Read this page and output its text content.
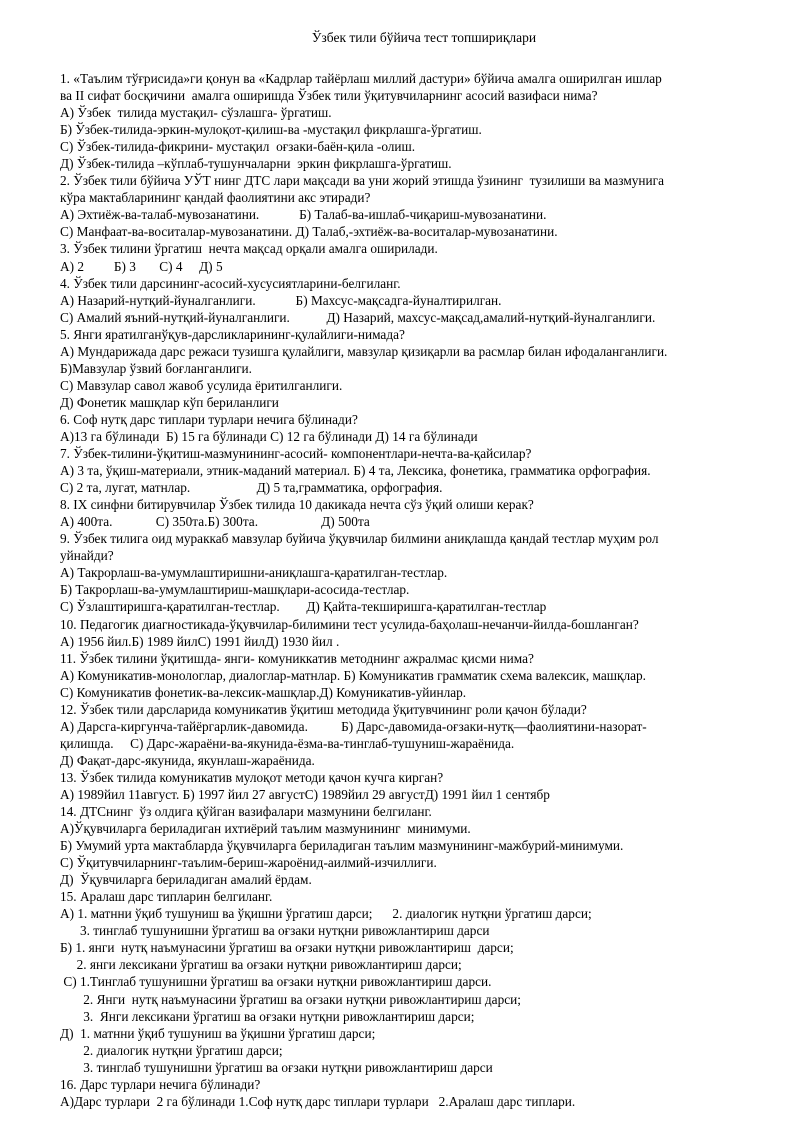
Ўзбек тили бўйича тест топшириқлари
1. «Таълим тўғрисида»ги қонун ва «Кадрлар тайёрлаш миллий дастури» бўйича амалга оширилган ишлар
ва II сифат босқичини  амалга оширишда Ўзбек тили ўқитувчиларнинг асосий вазифаси нима?
А) Ўзбек  тилида мустақил- сўзлашга- ўргатиш.
Б) Ўзбек-тилида-эркин-мулоқот-қилиш-ва -мустақил фикрлашга-ўргатиш.
С) Ўзбек-тилида-фикрини- мустақил  оғзаки-баён-қила -олиш.
Д) Ўзбек-тилида –кўплаб-тушунчаларни  эркин фикрлашга-ўргатиш.
2. Ўзбек тили бўйича УЎТ нинг ДТС лари мақсади ва уни жорий этишда ўзининг  тузилиши ва мазмунига
кўра мактабларининг қандай фаолиятини акс этиради?
А) Эхтиёж-ва-талаб-мувозанатини.            Б) Талаб-ва-ишлаб-чиқариш-мувозанатини.
С) Манфаат-ва-воситалар-мувозанатини. Д) Талаб,-эхтиёж-ва-воситалар-мувозанатини.
3. Ўзбек тилини ўргатиш  нечта мақсад орқали амалга оширилади.
А) 2         Б) 3       С) 4     Д) 5
4. Ўзбек тили дарсининг-асосий-хусусиятларини-белгиланг.
А) Назарий-нутқий-йуналганлиги.            Б) Махсус-мақсадга-йуналтирилган.
С) Амалий яъний-нутқий-йуналганлиги.           Д) Назарий, махсус-мақсад,амалий-нутқий-йуналганлиги.
5. Янги яратилганўқув-дарсликларининг-қулайлиги-нимада?
А) Мундарижада дарс режаси тузишга қулайлиги, мавзулар қизиқарли ва расмлар билан ифодаланганлиги.
Б)Мавзулар ўзвий боғланганлиги.
С) Мавзулар савол жавоб усулида ёритилганлиги.
Д) Фонетик машқлар кўп бериланлиги
6. Соф нутқ дарс типлари турлари нечига бўлинади?
А)13 га бўлинади  Б) 15 га бўлинади С) 12 га бўлинади Д) 14 га бўлинади
7. Ўзбек-тилини-ўқитиш-мазмунининг-асосий- компонентлари-нечта-ва-қайсилар?
А) 3 та, ўқиш-материали, этник-маданий материал. Б) 4 та, Лексика, фонетика, грамматика орфография.
С) 2 та, лугат, матнлар.                    Д) 5 та,грамматика, орфография.
8. IX синфни битирувчилар Ўзбек тилида 10 дакикада нечта сўз ўқий олиши керак?
А) 400та.             С) 350та.Б) 300та.                   Д) 500та
9. Ўзбек тилига оид мураккаб мавзулар буйича ўқувчилар билмини аниқлашда қандай тестлар муҳим рол
уйнайди?
А) Такрорлаш-ва-умумлаштиришни-аниқлашга-қаратилган-тестлар.
Б) Такрорлаш-ва-умумлаштириш-машқлари-асосида-тестлар.
С) Ўзлаштиришга-қаратилган-тестлар.        Д) Қайта-текширишга-қаратилган-тестлар
10. Педагогик диагностикада-ўқувчилар-билимини тест усулида-баҳолаш-нечанчи-йилда-бошланган?
А) 1956 йил.Б) 1989 йилС) 1991 йилД) 1930 йил .
11. Ўзбек тилини ўқитишда- янги- комуниккатив методнинг ажралмас қисми нима?
А) Комуникатив-монологлар, диалоглар-матнлар. Б) Комуникатив грамматик схема валексик, машқлар.
С) Комуникатив фонетик-ва-лексик-машқлар.Д) Комуникатив-уйинлар.
12. Ўзбек тили дарсларида комуникатив ўқитиш методида ўқитувчининг роли қачон бўлади?
А) Дарсга-киргунча-тайёргарлик-давомида.          Б) Дарс-давомида-оғзаки-нутқ—фаолиятини-назорат-
қилишда.     С) Дарс-жараёни-ва-якунида-ёзма-ва-тинглаб-тушуниш-жараёнида.
Д) Фақат-дарс-якунида, якунлаш-жараёнида.
13. Ўзбек тилида комуникатив мулоқот методи қачон кучга кирган?
А) 1989йил 11август. Б) 1997 йил 27 августС) 1989йил 29 августД) 1991 йил 1 сентябр
14. ДТСнинг  ўз олдига қўйган вазифалари мазмунини белгиланг.
А)Ўқувчиларга бериладиган ихтиёрий таълим мазмунининг  минимуми.
Б) Умумий урта мактабларда ўқувчиларга бериладиган таълим мазмунининг-мажбурий-минимуми.
С) Ўқитувчиларнинг-таълим-бериш-жароёнид-аилмий-изчиллиги.
Д)  Ўқувчиларга бериладиган амалий ёрдам.
15. Аралаш дарс типларин белгиланг.
А) 1. матнни ўқиб тушуниш ва ўқишни ўргатиш дарси;      2. диалогик нутқни ўргатиш дарси;
3. тинглаб тушунишни ўргатиш ва оғзаки нутқни ривожлантириш дарси
Б) 1. янги  нутқ наъмунасини ўргатиш ва оғзаки нутқни ривожлантириш  дарси;
2. янги лексикани ўргатиш ва оғзаки нутқни ривожлантириш дарси;
С) 1.Тинглаб тушунишни ўргатиш ва оғзаки нутқни ривожлантириш дарси.
2. Янги  нутқ наъмунасини ўргатиш ва оғзаки нутқни ривожлантириш дарси;
3.  Янги лексикани ўргатиш ва оғзаки нутқни ривожлантириш дарси;
Д)  1. матнни ўқиб тушуниш ва ўқишни ўргатиш дарси;
2. диалогик нутқни ўргатиш дарси;
3. тинглаб тушунишни ўргатиш ва оғзаки нутқни ривожлантириш дарси
16. Дарс турлари нечига бўлинади?
А)Дарс турлари  2 га бўлинади 1.Соф нутқ дарс типлари турлари   2.Аралаш дарс типлари.
